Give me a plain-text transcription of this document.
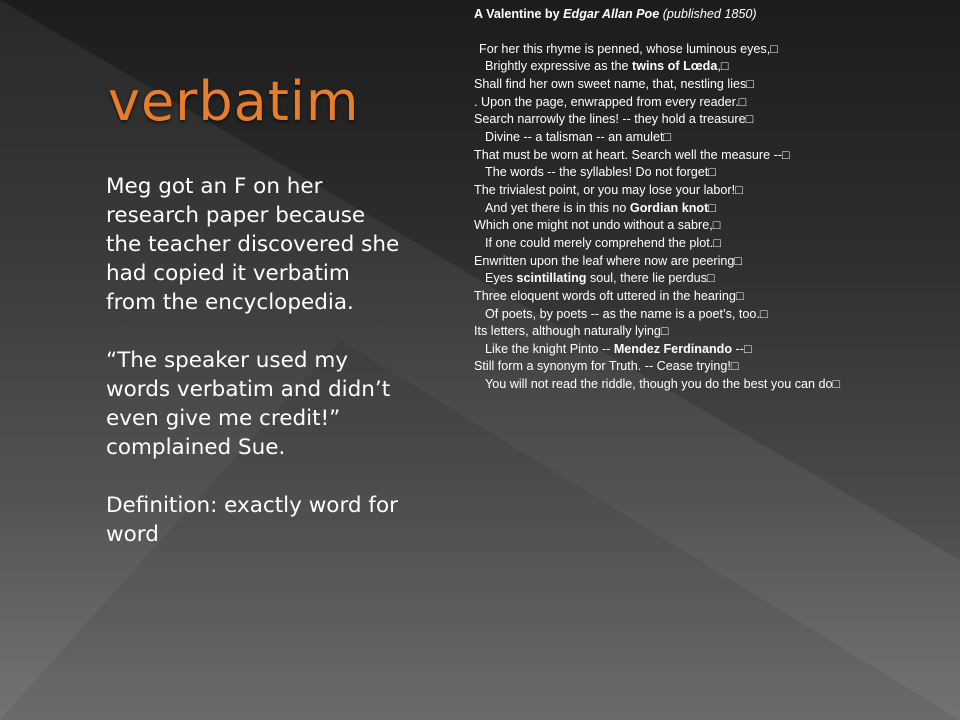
verbatim

Meg got an F on her research paper because the teacher discovered she had copied it verbatim from the encyclopedia.

“The speaker used my words verbatim and didn’t even give me credit!” complained Sue.

Definition: exactly word for word

A Valentine by Edgar Allan Poe (published 1850)
For her this rhyme is penned, whose luminous eyes,□
Brightly expressive as the twins of Lœda,□
Shall find her own sweet name, that, nestling lies□
. Upon the page, enwrapped from every reader.□
Search narrowly the lines! -- they hold a treasure□
Divine -- a talisman -- an amulet□
That must be worn at heart. Search well the measure --□
The words -- the syllables! Do not forget□
The trivialest point, or you may lose your labor!□
And yet there is in this no Gordian knot□
Which one might not undo without a sabre,□
If one could merely comprehend the plot.□
Enwritten upon the leaf where now are peering□
Eyes scintillating soul, there lie perdus□
Three eloquent words oft uttered in the hearing□
Of poets, by poets -- as the name is a poet’s, too.□
Its letters, although naturally lying□
Like the knight Pinto -- Mendez Ferdinando --□
Still form a synonym for Truth. -- Cease trying!□
You will not read the riddle, though you do the best you can do□
